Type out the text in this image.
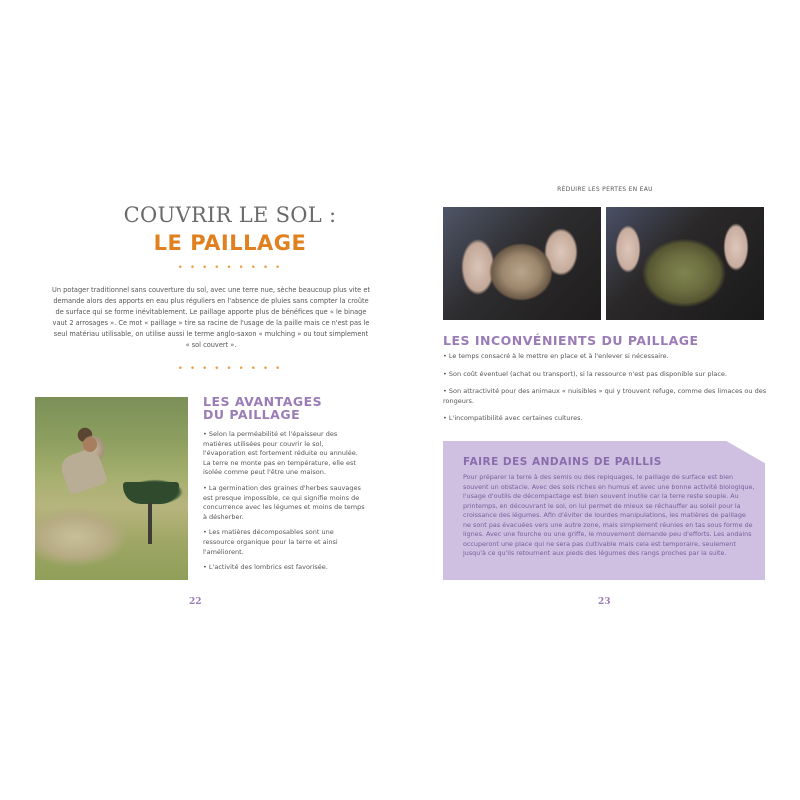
COUVRIR LE SOL :
LE PAILLAGE
• • • • • • • • •

Un potager traditionnel sans couverture du sol, avec une terre nue, sèche beaucoup plus vite et demande alors des apports en eau plus réguliers en l'absence de pluies sans compter la croûte de surface qui se forme inévitablement. Le paillage apporte plus de bénéfices que « le binage vaut 2 arrosages ». Ce mot « paillage » tire sa racine de l'usage de la paille mais ce n'est pas le seul matériau utilisable, on utilise aussi le terme anglo-saxon « mulching » ou tout simplement « sol couvert ».

• • • • • • • • •
LES AVANTAGES
DU PAILLAGE
• Selon la perméabilité et l'épaisseur des matières utilisées pour couvrir le sol, l'évaporation est fortement réduite ou annulée. La terre ne monte pas en température, elle est isolée comme peut l'être une maison.
• La germination des graines d'herbes sauvages est presque impossible, ce qui signifie moins de concurrence avec les légumes et moins de temps à désherber.
• Les matières décomposables sont une ressource organique pour la terre et ainsi l'améliorent.
• L'activité des lombrics est favorisée.
22
RÉDUIRE LES PERTES EN EAU
LES INCONVÉNIENTS DU PAILLAGE
• Le temps consacré à le mettre en place et à l'enlever si nécessaire.
• Son coût éventuel (achat ou transport), si la ressource n'est pas disponible sur place.
• Son attractivité pour des animaux « nuisibles » qui y trouvent refuge, comme des limaces ou des rongeurs.
• L'incompatibilité avec certaines cultures.
FAIRE DES ANDAINS DE PAILLIS

Pour préparer la terre à des semis ou des repiquages, le paillage de surface est bien souvent un obstacle. Avec des sols riches en humus et avec une bonne activité biologique, l'usage d'outils de décompactage est bien souvent inutile car la terre reste souple. Au printemps, en découvrant le sol, on lui permet de mieux se réchauffer au soleil pour la croissance des légumes. Afin d'éviter de lourdes manipulations, les matières de paillage ne sont pas évacuées vers une autre zone, mais simplement réunies en tas sous forme de lignes. Avec une fourche ou une griffe, le mouvement demande peu d'efforts. Les andains occuperont une place qui ne sera pas cultivable mais cela est temporaire, seulement jusqu'à ce qu'ils retournent aux pieds des légumes des rangs proches par la suite.

23
